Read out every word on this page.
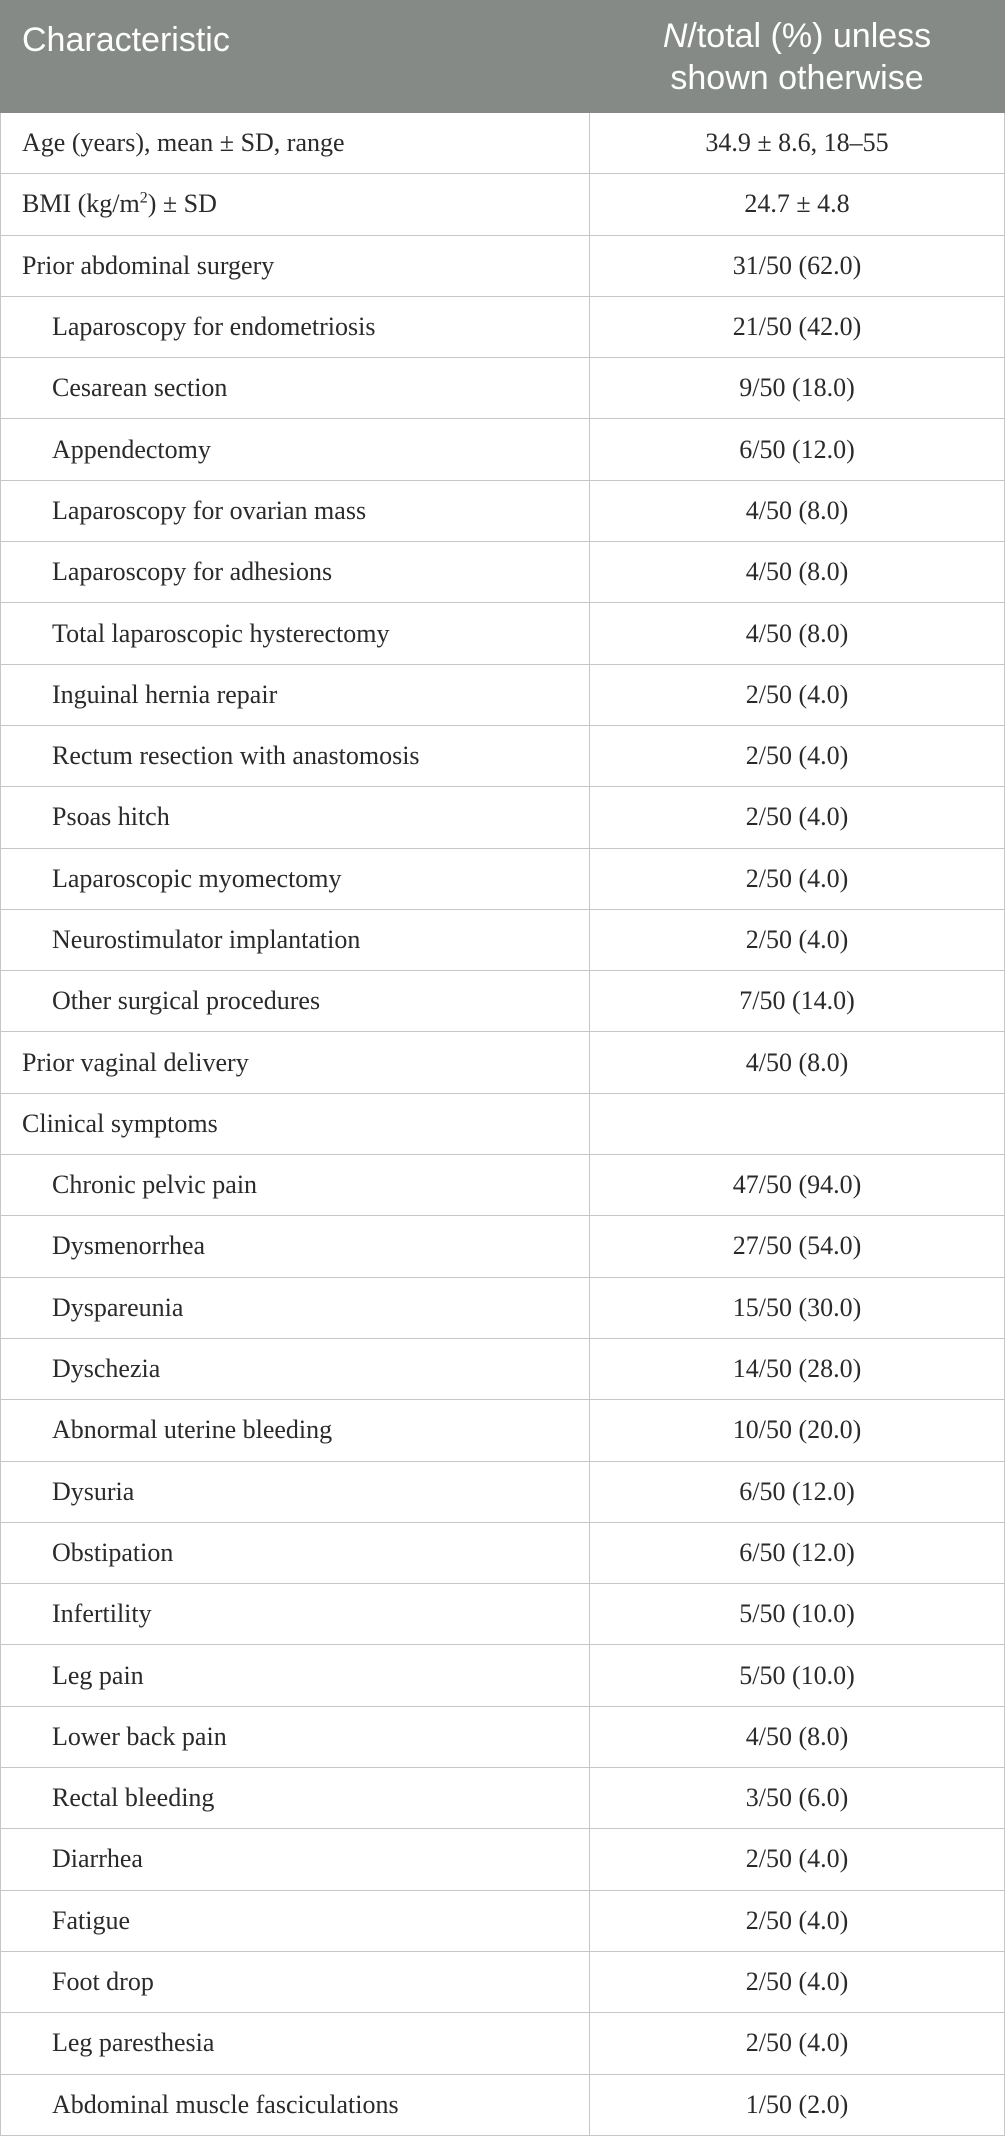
Characteristic	N/total (%) unless
shown otherwise
Age (years), mean ± SD, range	34.9 ± 8.6, 18–55
BMI $(kg/m^2)$ ± SD	24.7 ± 4.8
Prior abdominal surgery	31/50 (62.0)
Laparoscopy for endometriosis	21/50 (42.0)
Cesarean section	9/50 (18.0)
Appendectomy	6/50 (12.0)
Laparoscopy for ovarian mass	4/50 (8.0)
Laparoscopy for adhesions	4/50 (8.0)
Total laparoscopic hysterectomy	4/50 (8.0)
Inguinal hernia repair	2/50 (4.0)
Rectum resection with anastomosis	2/50 (4.0)
Psoas hitch	2/50 (4.0)
Laparoscopic myomectomy	2/50 (4.0)
Neurostimulator implantation	2/50 (4.0)
Other surgical procedures	7/50 (14.0)
Prior vaginal delivery	4/50 (8.0)
Clinical symptoms	
Chronic pelvic pain	47/50 (94.0)
Dysmenorrhea	27/50 (54.0)
Dyspareunia	15/50 (30.0)
Dyschezia	14/50 (28.0)
Abnormal uterine bleeding	10/50 (20.0)
Dysuria	6/50 (12.0)
Obstipation	6/50 (12.0)
Infertility	5/50 (10.0)
Leg pain	5/50 (10.0)
Lower back pain	4/50 (8.0)
Rectal bleeding	3/50 (6.0)
Diarrhea	2/50 (4.0)
Fatigue	2/50 (4.0)
Foot drop	2/50 (4.0)
Leg paresthesia	2/50 (4.0)
Abdominal muscle fasciculations	1/50 (2.0)
